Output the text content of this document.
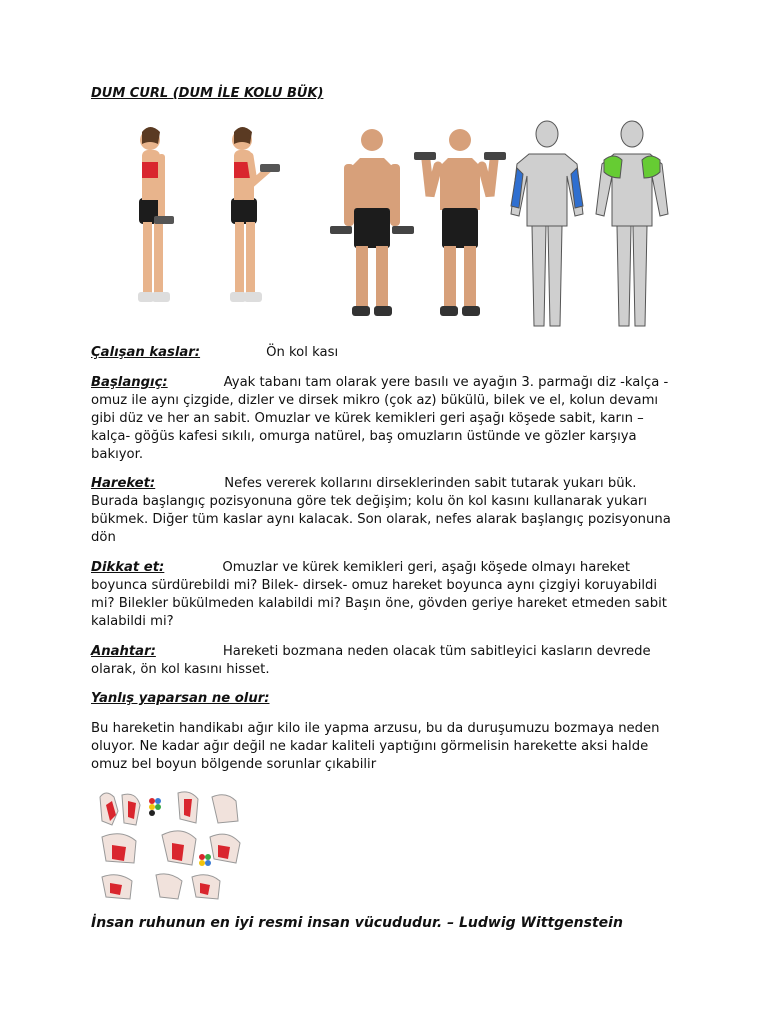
DUM CURL (DUM İLE KOLU BÜK)
Çalışan kaslar:	Ön kol kası
Başlangıç:	Ayak tabanı tam olarak yere basılı ve ayağın 3. parmağı diz -kalça -omuz ile aynı çizgide, dizler ve dirsek mikro (çok az) bükülü, bilek ve el, kolun devamı gibi düz ve her an sabit. Omuzlar ve kürek kemikleri geri aşağı köşede sabit, karın –kalça- göğüs kafesi sıkılı, omurga natürel, baş omuzların üstünde ve gözler karşıya bakıyor.
Hareket:	Nefes vererek kollarını dirseklerinden sabit tutarak yukarı bük. Burada başlangıç pozisyonuna göre tek değişim; kolu ön kol kasını kullanarak yukarı bükmek. Diğer tüm kaslar aynı kalacak. Son olarak, nefes alarak başlangıç pozisyonuna dön
Dikkat et:	Omuzlar ve kürek kemikleri geri, aşağı köşede olmayı hareket boyunca sürdürebildi mi? Bilek- dirsek- omuz hareket boyunca aynı çizgiyi koruyabildi mi? Bilekler bükülmeden kalabildi mi? Başın öne, gövden geriye hareket etmeden sabit kalabildi mi?
Anahtar:	Hareketi bozmana neden olacak tüm sabitleyici kasların devrede olarak, ön kol kasını hisset.
Yanlış yaparsan ne olur:
Bu hareketin handikabı ağır kilo ile yapma arzusu, bu da duruşumuzu bozmaya neden oluyor. Ne kadar ağır değil ne kadar kaliteli yaptığını görmelisin harekette aksi halde omuz bel boyun bölgende sorunlar çıkabilir
İnsan ruhunun en iyi resmi insan vücududur. – Ludwig Wittgenstein
